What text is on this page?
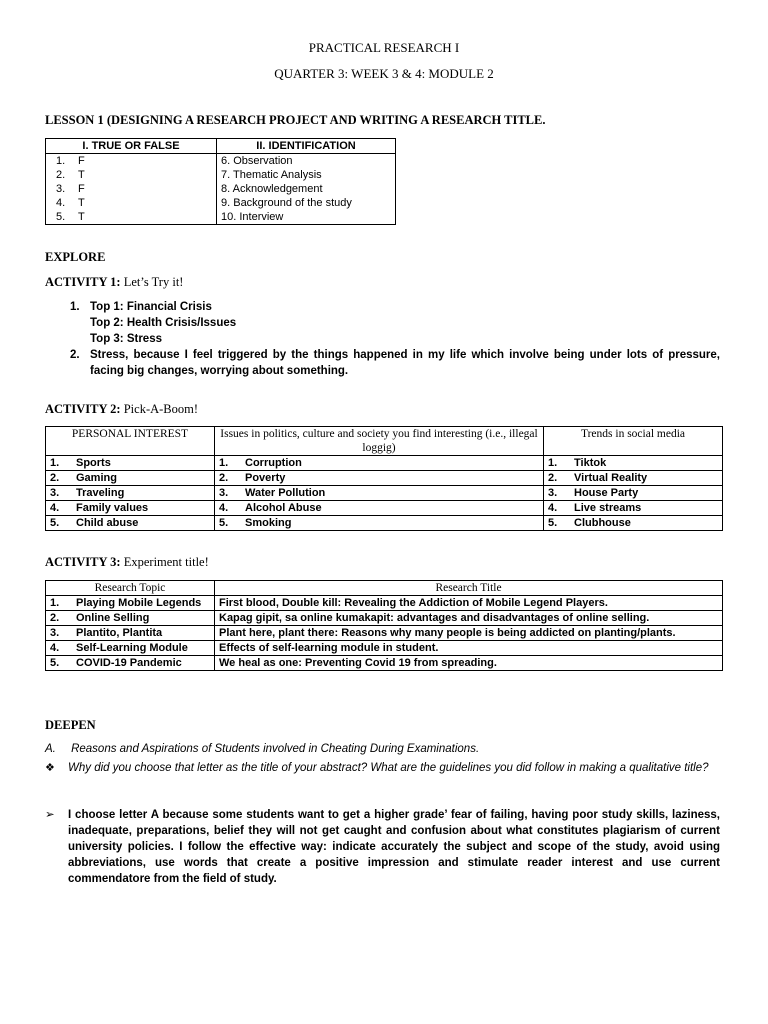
PRACTICAL RESEARCH I
QUARTER 3: WEEK 3 & 4: MODULE 2
LESSON 1 (DESIGNING A RESEARCH PROJECT AND WRITING A RESEARCH TITLE.
I. TRUE OR FALSE	II. IDENTIFICATION
1. F	6. Observation
2. T	7. Thematic Analysis
3. F	8. Acknowledgement
4. T	9. Background of the study
5. T	10. Interview
EXPLORE
ACTIVITY 1: Let’s Try it!
1. Top 1: Financial Crisis
Top 2: Health Crisis/Issues
Top 3: Stress
2. Stress, because I feel triggered by the things happened in my life which involve being under lots of pressure, facing big changes, worrying about something.
ACTIVITY 2: Pick-A-Boom!
PERSONAL INTEREST	Issues in politics, culture and society you find interesting (i.e., illegal loggig)	Trends in social media
1. Sports	1. Corruption	1. Tiktok
2. Gaming	2. Poverty	2. Virtual Reality
3. Traveling	3. Water Pollution	3. House Party
4. Family values	4. Alcohol Abuse	4. Live streams
5. Child abuse	5. Smoking	5. Clubhouse
ACTIVITY 3: Experiment title!
Research Topic	Research Title
1. Playing Mobile Legends	First blood, Double kill: Revealing the Addiction of Mobile Legend Players.
2. Online Selling	Kapag gipit, sa online kumakapit: advantages and disadvantages of online selling.
3. Plantito, Plantita	Plant here, plant there: Reasons why many people is being addicted on planting/plants.
4. Self-Learning Module	Effects of self-learning module in student.
5. COVID-19 Pandemic	We heal as one: Preventing Covid 19 from spreading.
DEEPEN
A. Reasons and Aspirations of Students involved in Cheating During Examinations.
❖ Why did you choose that letter as the title of your abstract? What are the guidelines you did follow in making a qualitative title?
➢ I choose letter A because some students want to get a higher grade’ fear of failing, having poor study skills, laziness, inadequate, preparations, belief they will not get caught and confusion about what constitutes plagiarism of current university policies. I follow the effective way: indicate accurately the subject and scope of the study, avoid using abbreviations, use words that create a positive impression and stimulate reader interest and use current commendatore from the field of study.
